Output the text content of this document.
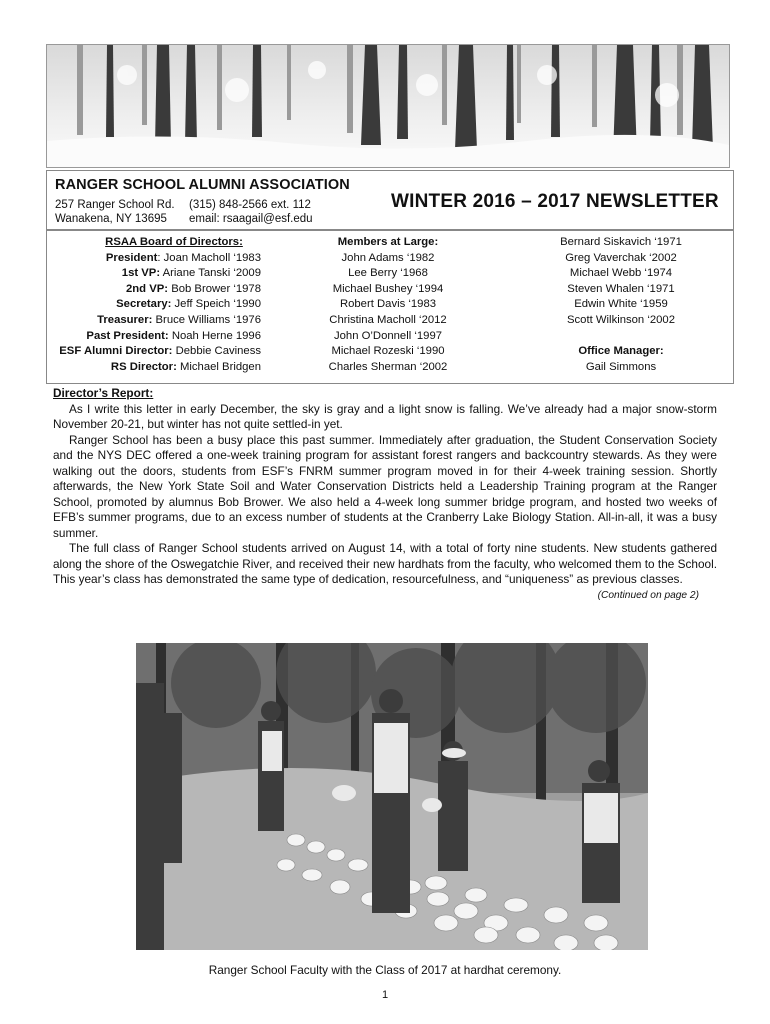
RANGER SCHOOL ALUMNI ASSOCIATION
257 Ranger School Rd.
Wanakena, NY 13695
(315) 848-2566 ext. 112
email: rsaagail@esf.edu
WINTER 2016 – 2017 NEWSLETTER
RSAA Board of Directors:
President: Joan Macholl ‘1983
1st VP: Ariane Tanski ‘2009
2nd VP: Bob Brower ‘1978
Secretary: Jeff Speich ‘1990
Treasurer: Bruce Williams ‘1976
Past President: Noah Herne 1996
ESF Alumni Director: Debbie Caviness
RS Director: Michael Bridgen
Members at Large:
John Adams ‘1982
Lee Berry ‘1968
Michael Bushey ‘1994
Robert Davis ‘1983
Christina Macholl ‘2012
John O’Donnell ‘1997
Michael Rozeski ‘1990
Charles Sherman ‘2002
Bernard Siskavich ‘1971
Greg Vaverchak ‘2002
Michael Webb ‘1974
Steven Whalen ‘1971
Edwin White ‘1959
Scott Wilkinson ‘2002
Office Manager:
Gail Simmons
Director’s Report:

As I write this letter in early December, the sky is gray and a light snow is falling. We’ve already had a major snow-storm November 20-21, but winter has not quite settled-in yet.

Ranger School has been a busy place this past summer. Immediately after graduation, the Student Conservation Society and the NYS DEC offered a one-week training program for assistant forest rangers and backcountry stewards. As they were walking out the doors, students from ESF’s FNRM summer program moved in for their 4-week training session. Shortly afterwards, the New York State Soil and Water Conservation Districts held a Leadership Training program at the Ranger School, promoted by alumnus Bob Brower. We also held a 4-week long summer bridge program, and hosted two weeks of EFB’s summer programs, due to an excess number of students at the Cranberry Lake Biology Station. All-in-all, it was a busy summer.

The full class of Ranger School students arrived on August 14, with a total of forty nine students. New students gathered along the shore of the Oswegatchie River, and received their new hardhats from the faculty, who welcomed them to the School. This year’s class has demonstrated the same type of dedication, resourcefulness, and “uniqueness” as previous classes.
(Continued on page 2)

Ranger School Faculty with the Class of 2017 at hardhat ceremony.
1
